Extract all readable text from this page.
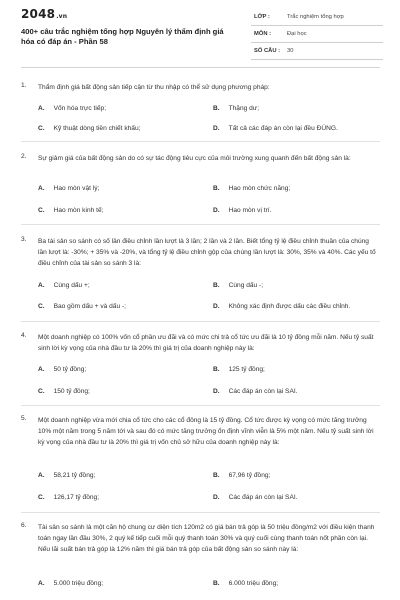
2048.vn
400+ câu trắc nghiệm tổng hợp Nguyên lý thẩm định giá hóa có đáp án - Phần 58
LỚP :	Trắc nghiệm tổng hợp
MÔN :	Đại học
SỐ CÂU : 30
1. Thẩm định giá bất động sản tiếp cận từ thu nhập có thể sử dụng phương pháp:
A. Vốn hóa trực tiếp;	B. Thặng dư;
C. Kỹ thuật dòng tiền chiết khấu;	D. Tất cả các đáp án còn lại đều ĐÚNG.
2. Sự giảm giá của bất động sản do có sự tác động tiêu cực của môi trường xung quanh đến bất động sản là:
A. Hao mòn vật lý;	B. Hao mòn chức năng;
C. Hao mòn kinh tế;	D. Hao mòn vị trí.
3. Ba tài sản so sánh có số lần điều chỉnh lần lượt là 3 lần; 2 lần và 2 lần. Biết tổng tỷ lệ điều chỉnh thuần của chúng lần lượt là: -30%; + 35% và -20%, và tổng tỷ lệ điều chỉnh gộp của chúng lần lượt là: 30%, 35% và 40%. Các yếu tố điều chỉnh của tài sản so sánh 3 là:
A. Cùng dấu +;	B. Cùng dấu -;
C. Bao gồm dấu + và dấu -;	D. Không xác định được dấu các điều chỉnh.
4. Một doanh nghiệp có 100% vốn cổ phần ưu đãi và có mức chi trả cổ tức ưu đãi là 10 tỷ đồng mỗi năm. Nếu tỷ suất sinh lời kỳ vọng của nhà đầu tư là 20% thì giá trị của doanh nghiệp này là:
A. 50 tỷ đồng;	B. 125 tỷ đồng;
C. 150 tỷ đồng;	D. Các đáp án còn lại SAI.
5. Một doanh nghiệp vừa mới chia cổ tức cho các cổ đông là 15 tỷ đồng. Cổ tức được kỳ vọng có mức tăng trưởng 10% một năm trong 5 năm tới và sau đó có mức tăng trưởng ổn định vĩnh viễn là 5% một năm. Nếu tỷ suất sinh lời kỳ vọng của nhà đầu tư là 20% thì giá trị vốn chủ sở hữu của doanh nghiệp này là:
A. 58,21 tỷ đồng;	B. 67,96 tỷ đồng;
C. 126,17 tỷ đồng;	D. Các đáp án còn lại SAI.
6. Tài sản so sánh là một căn hộ chung cư diện tích 120m2 có giá bán trả góp là 50 triệu đồng/m2 với điều kiện thanh toán ngay lần đầu 30%, 2 quý kế tiếp cuối mỗi quý thanh toán 30% và quý cuối cùng thanh toán nốt phần còn lại. Nếu lãi suất bán trả góp là 12% năm thì giá bán trả góp của bất động sản so sánh này là:
A. 5.000 triệu đồng;	B. 6.000 triệu đồng;
